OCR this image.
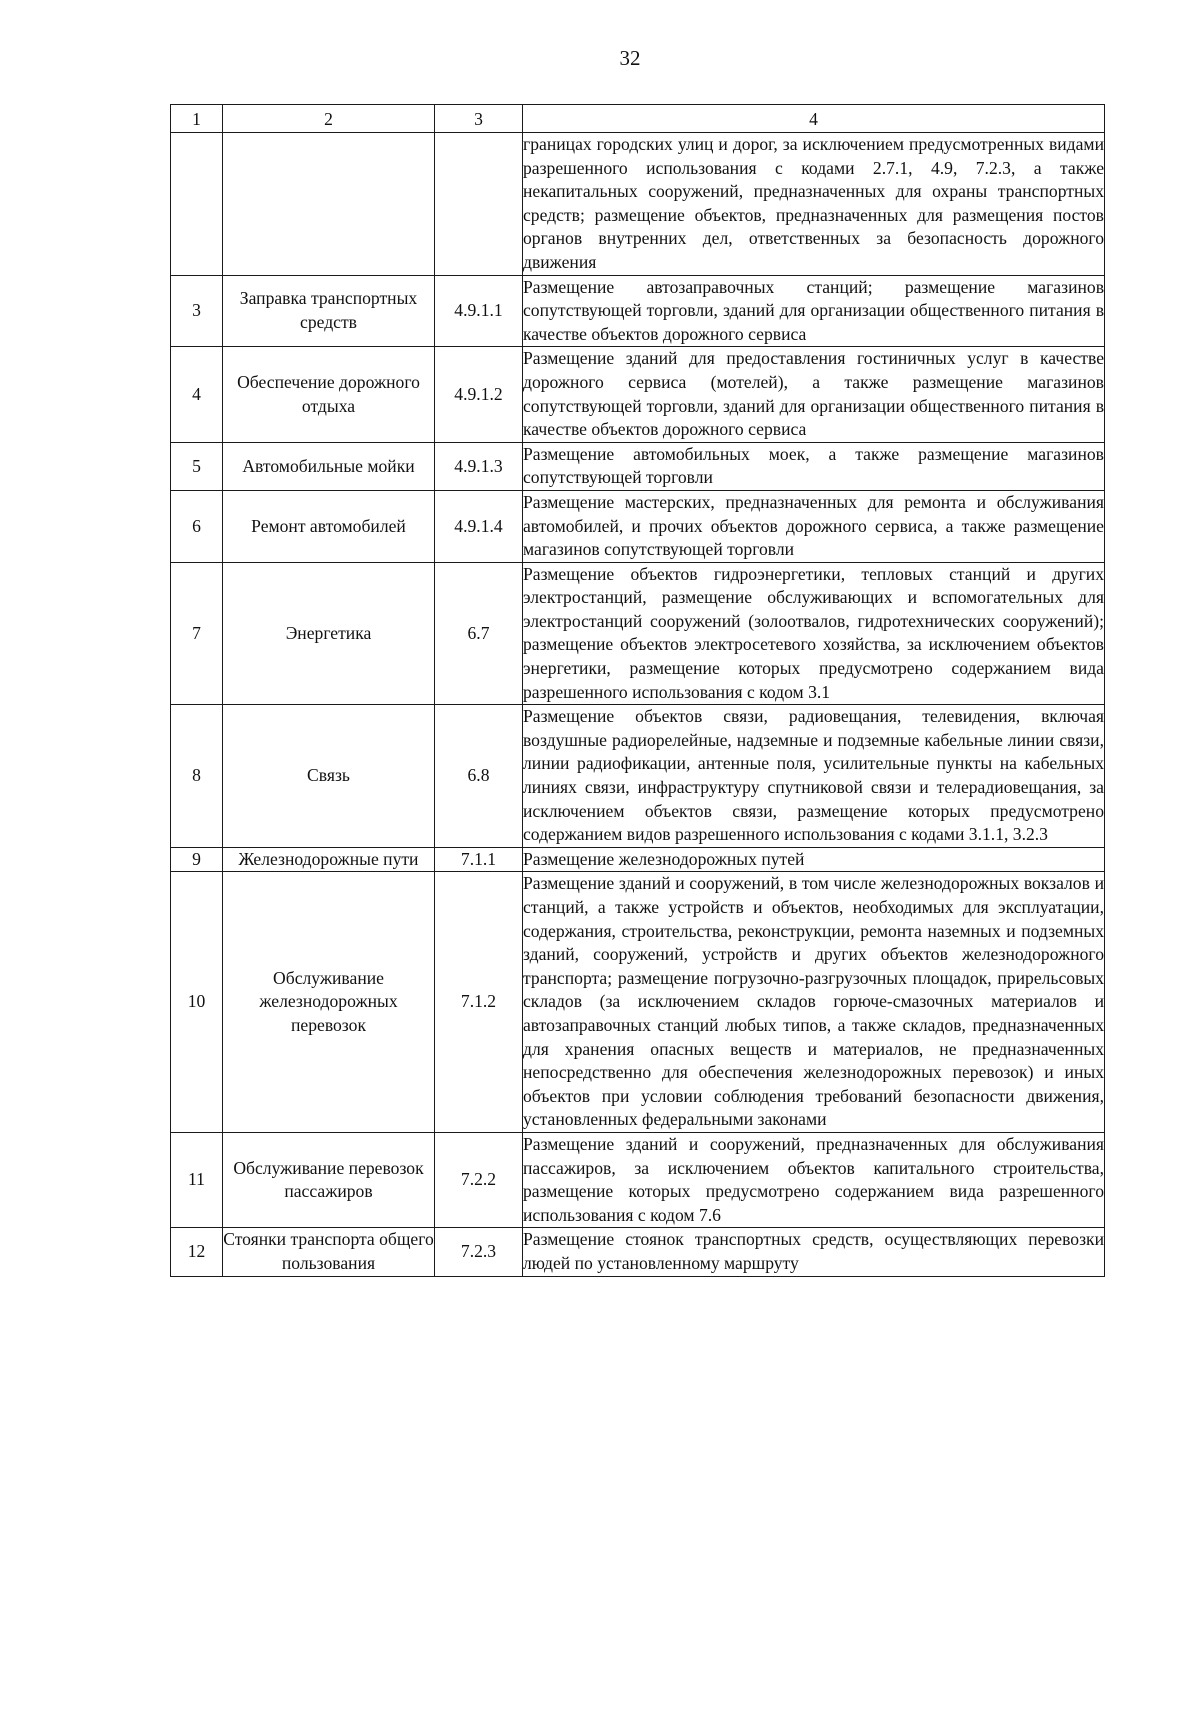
32
1	2	3	4
			границах городских улиц и дорог, за исключением предусмотренных видами разрешенного использования с кодами 2.7.1, 4.9, 7.2.3, а также некапитальных сооружений, предназначенных для охраны транспортных средств; размещение объектов, предназначенных для размещения постов органов внутренних дел, ответственных за безопасность дорожного движения
3	Заправка транспортных средств	4.9.1.1	Размещение автозаправочных станций; размещение магазинов сопутствующей торговли, зданий для организации общественного питания в качестве объектов дорожного сервиса
4	Обеспечение дорожного отдыха	4.9.1.2	Размещение зданий для предоставления гостиничных услуг в качестве дорожного сервиса (мотелей), а также размещение магазинов сопутствующей торговли, зданий для организации общественного питания в качестве объектов дорожного сервиса
5	Автомобильные мойки	4.9.1.3	Размещение автомобильных моек, а также размещение магазинов сопутствующей торговли
6	Ремонт автомобилей	4.9.1.4	Размещение мастерских, предназначенных для ремонта и обслуживания автомобилей, и прочих объектов дорожного сервиса, а также размещение магазинов сопутствующей торговли
7	Энергетика	6.7	Размещение объектов гидроэнергетики, тепловых станций и других электростанций, размещение обслуживающих и вспомогательных для электростанций сооружений (золоотвалов, гидротехнических сооружений); размещение объектов электросетевого хозяйства, за исключением объектов энергетики, размещение которых предусмотрено содержанием вида разрешенного использования с кодом 3.1
8	Связь	6.8	Размещение объектов связи, радиовещания, телевидения, включая воздушные радиорелейные, надземные и подземные кабельные линии связи, линии радиофикации, антенные поля, усилительные пункты на кабельных линиях связи, инфраструктуру спутниковой связи и телерадиовещания, за исключением объектов связи, размещение которых предусмотрено содержанием видов разрешенного использования с кодами 3.1.1, 3.2.3
9	Железнодорожные пути	7.1.1	Размещение железнодорожных путей
10	Обслуживание железнодорожных перевозок	7.1.2	Размещение зданий и сооружений, в том числе железнодорожных вокзалов и станций, а также устройств и объектов, необходимых для эксплуатации, содержания, строительства, реконструкции, ремонта наземных и подземных зданий, сооружений, устройств и других объектов железнодорожного транспорта; размещение погрузочно-разгрузочных площадок, прирельсовых складов (за исключением складов горюче-смазочных материалов и автозаправочных станций любых типов, а также складов, предназначенных для хранения опасных веществ и материалов, не предназначенных непосредственно для обеспечения железнодорожных перевозок) и иных объектов при условии соблюдения требований безопасности движения, установленных федеральными законами
11	Обслуживание перевозок пассажиров	7.2.2	Размещение зданий и сооружений, предназначенных для обслуживания пассажиров, за исключением объектов капитального строительства, размещение которых предусмотрено содержанием вида разрешенного использования с кодом 7.6
12	Стоянки транспорта общего пользования	7.2.3	Размещение стоянок транспортных средств, осуществляющих перевозки людей по установленному маршруту
